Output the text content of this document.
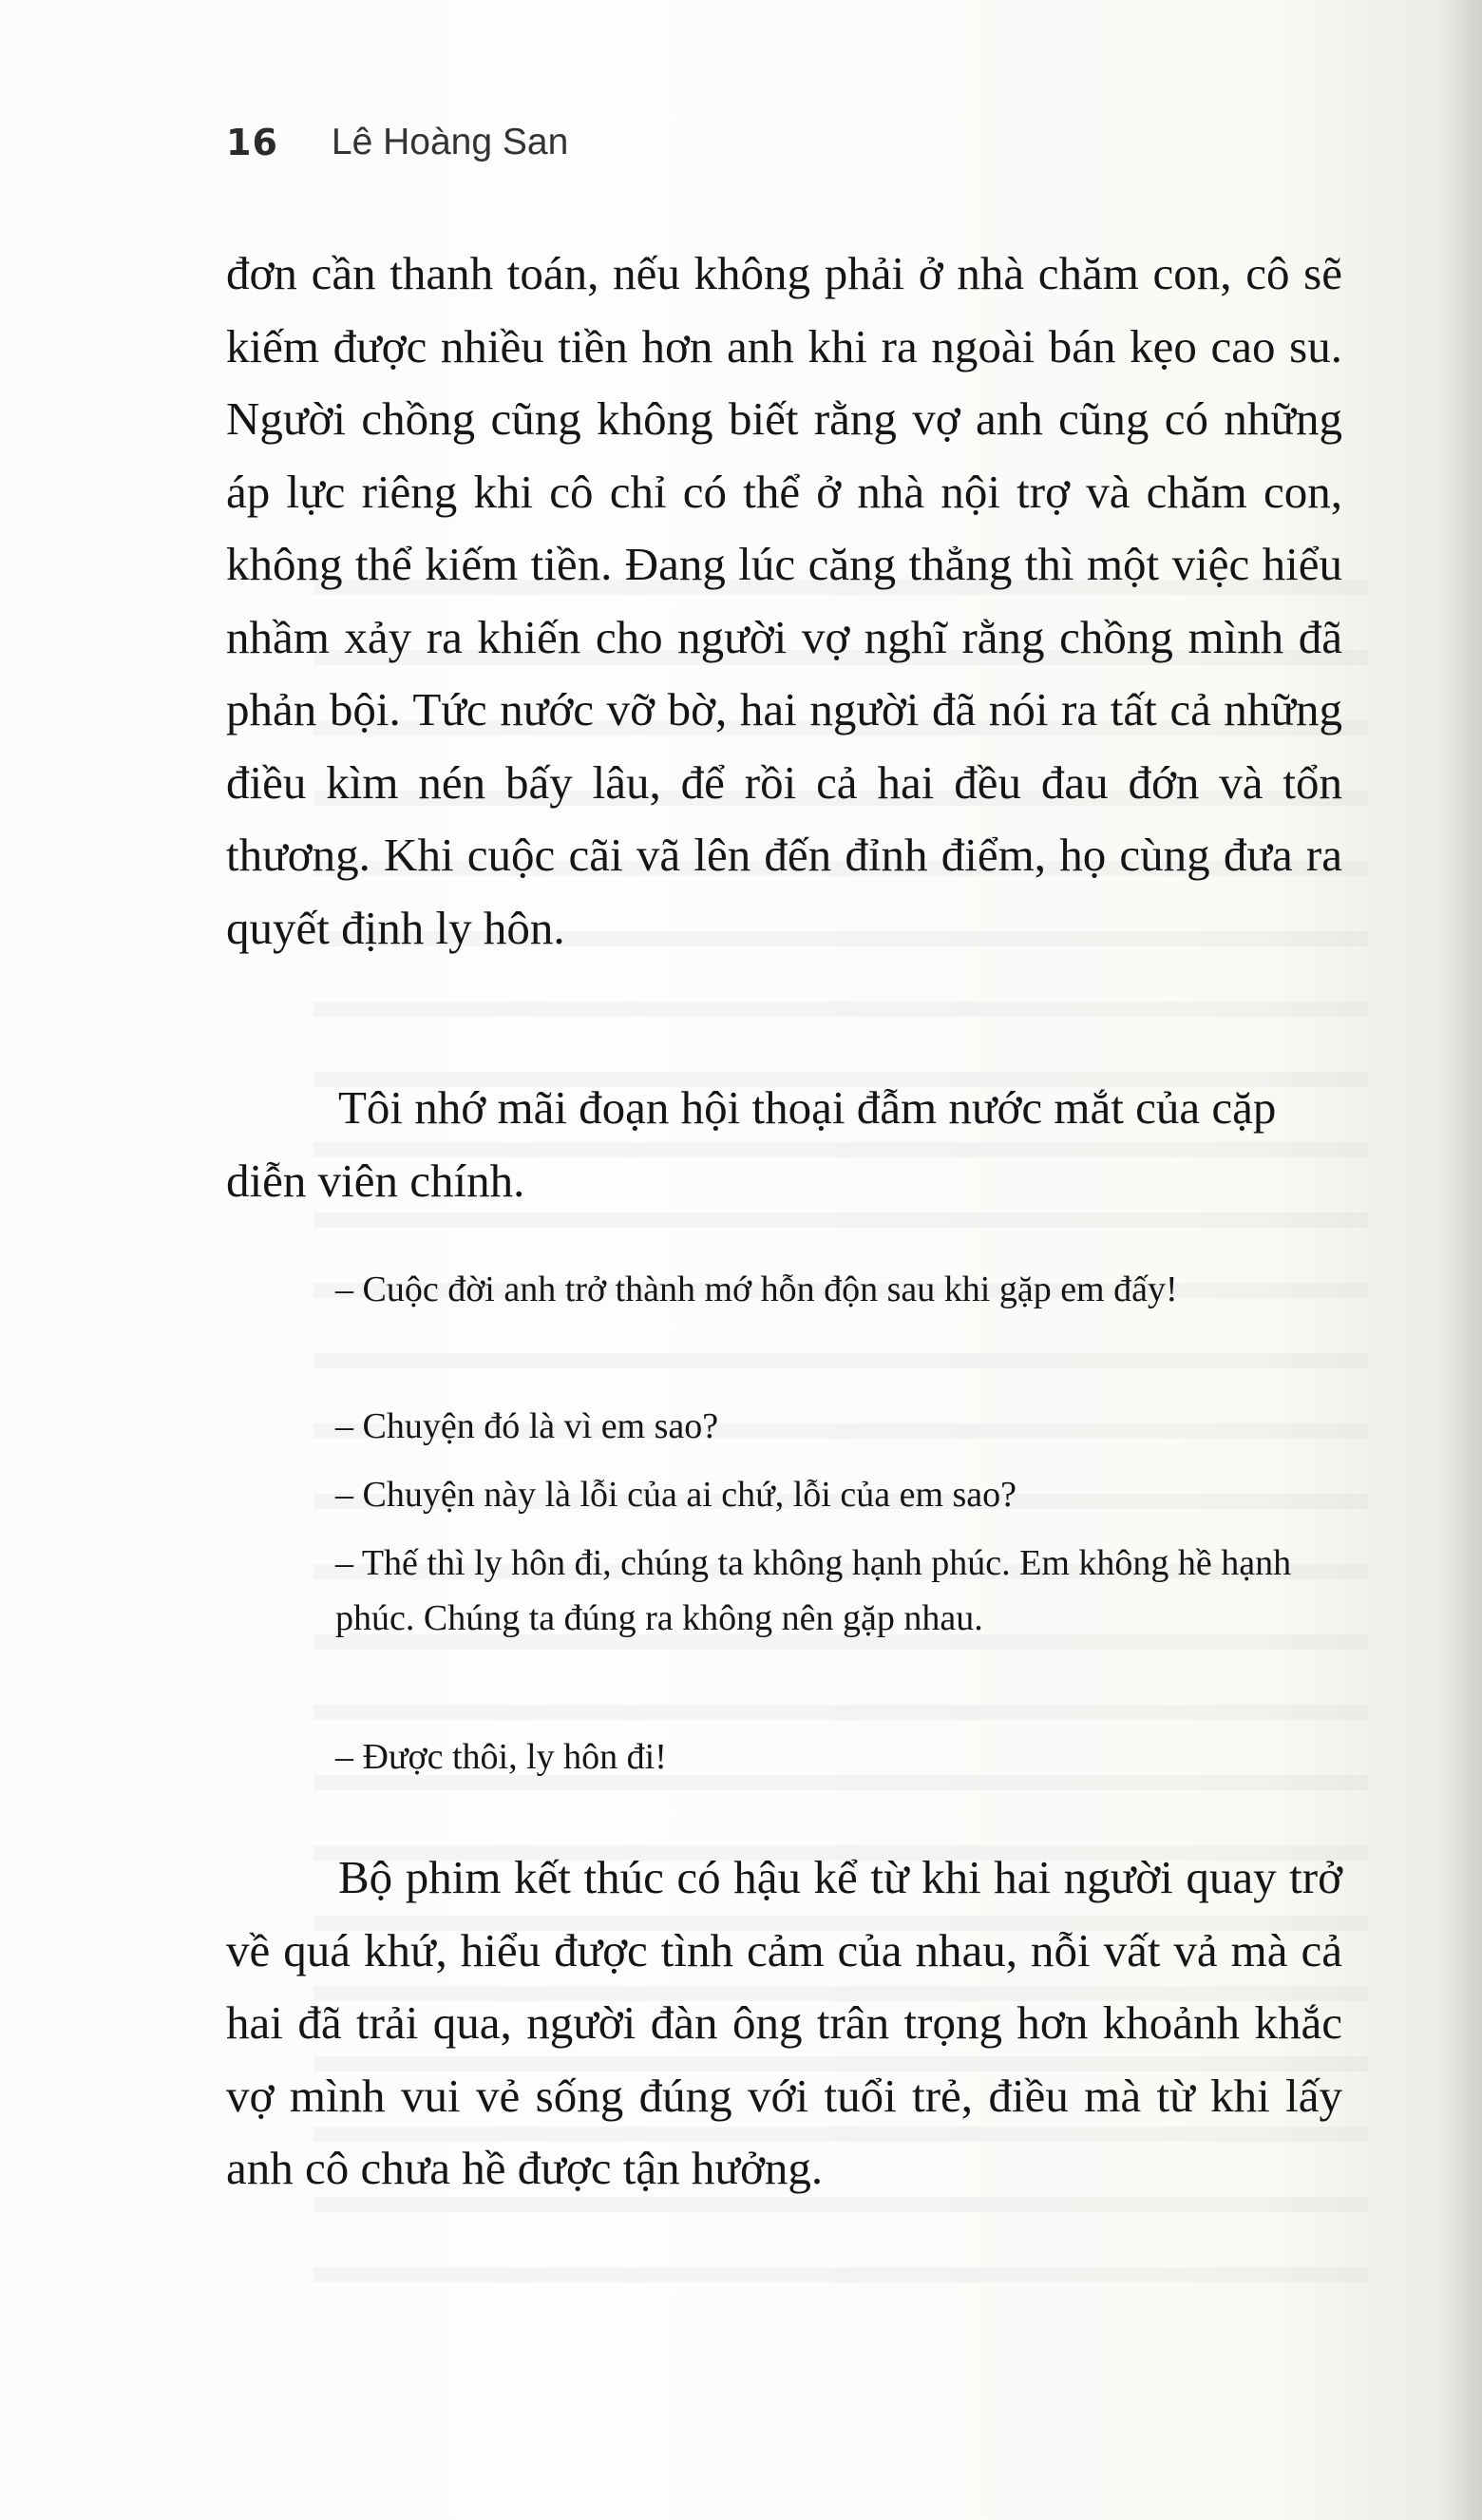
16 Lê Hoàng San

đơn cần thanh toán, nếu không phải ở nhà chăm con, cô sẽ kiếm được nhiều tiền hơn anh khi ra ngoài bán kẹo cao su. Người chồng cũng không biết rằng vợ anh cũng có những áp lực riêng khi cô chỉ có thể ở nhà nội trợ và chăm con, không thể kiếm tiền. Đang lúc căng thẳng thì một việc hiểu nhầm xảy ra khiến cho người vợ nghĩ rằng chồng mình đã phản bội. Tức nước vỡ bờ, hai người đã nói ra tất cả những điều kìm nén bấy lâu, để rồi cả hai đều đau đớn và tổn thương. Khi cuộc cãi vã lên đến đỉnh điểm, họ cùng đưa ra quyết định ly hôn.

Tôi nhớ mãi đoạn hội thoại đẫm nước mắt của cặp diễn viên chính.

– Cuộc đời anh trở thành mớ hỗn độn sau khi gặp em đấy!

– Chuyện đó là vì em sao?

– Chuyện này là lỗi của ai chứ, lỗi của em sao?

– Thế thì ly hôn đi, chúng ta không hạnh phúc. Em không hề hạnh phúc. Chúng ta đúng ra không nên gặp nhau.

– Được thôi, ly hôn đi!

Bộ phim kết thúc có hậu kể từ khi hai người quay trở về quá khứ, hiểu được tình cảm của nhau, nỗi vất vả mà cả hai đã trải qua, người đàn ông trân trọng hơn khoảnh khắc vợ mình vui vẻ sống đúng với tuổi trẻ, điều mà từ khi lấy anh cô chưa hề được tận hưởng.
